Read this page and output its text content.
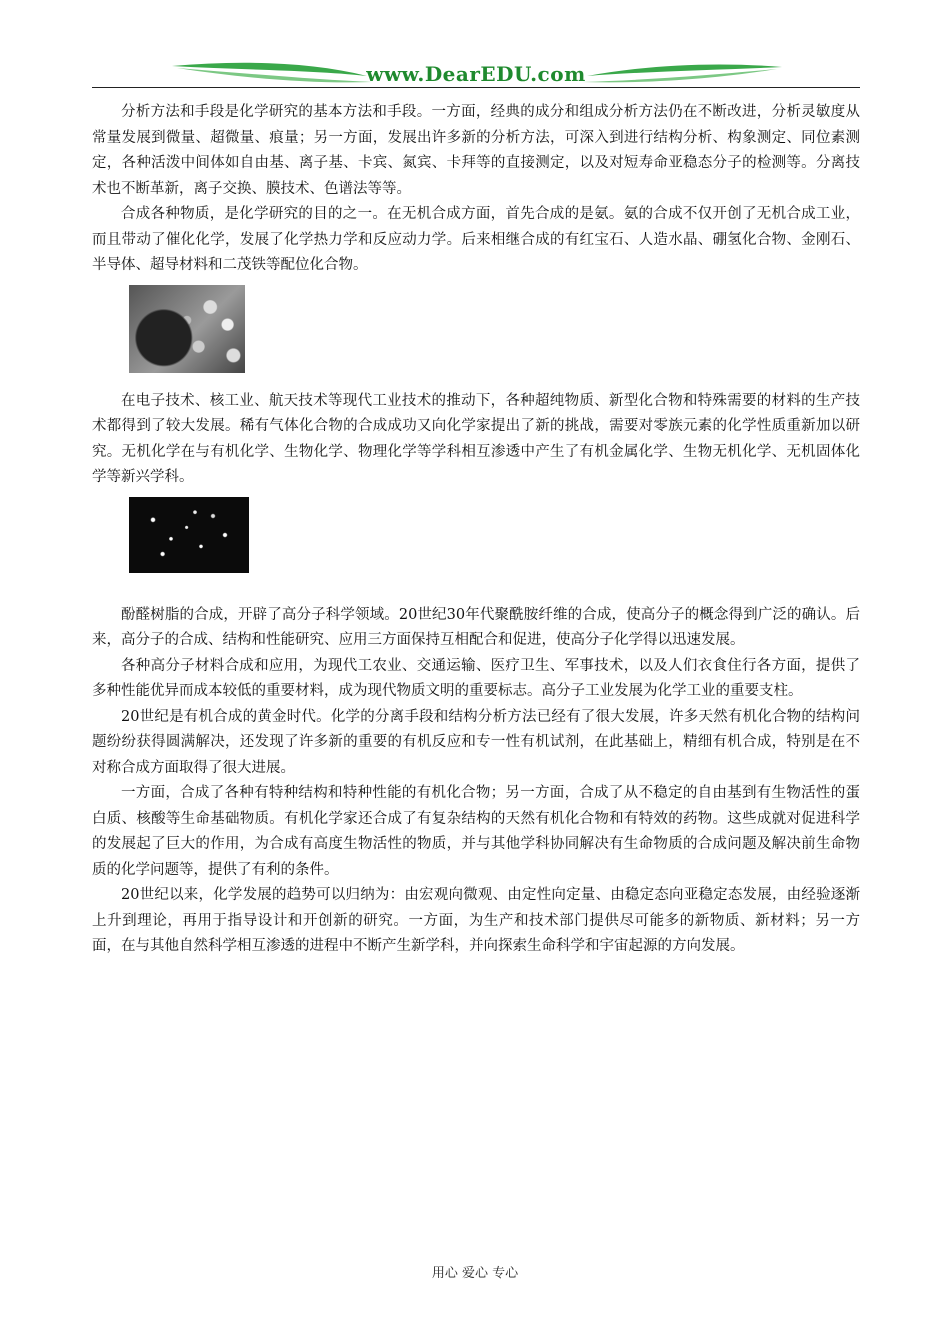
www.DearEDU.com

分析方法和手段是化学研究的基本方法和手段。一方面，经典的成分和组成分析方法仍在不断改进，分析灵敏度从常量发展到微量、超微量、痕量；另一方面，发展出许多新的分析方法，可深入到进行结构分析、构象测定、同位素测定，各种活泼中间体如自由基、离子基、卡宾、氮宾、卡拜等的直接测定，以及对短寿命亚稳态分子的检测等。分离技术也不断革新，离子交换、膜技术、色谱法等等。

合成各种物质，是化学研究的目的之一。在无机合成方面，首先合成的是氨。氨的合成不仅开创了无机合成工业，而且带动了催化化学，发展了化学热力学和反应动力学。后来相继合成的有红宝石、人造水晶、硼氢化合物、金刚石、半导体、超导材料和二茂铁等配位化合物。

在电子技术、核工业、航天技术等现代工业技术的推动下，各种超纯物质、新型化合物和特殊需要的材料的生产技术都得到了较大发展。稀有气体化合物的合成成功又向化学家提出了新的挑战，需要对零族元素的化学性质重新加以研究。无机化学在与有机化学、生物化学、物理化学等学科相互渗透中产生了有机金属化学、生物无机化学、无机固体化学等新兴学科。

酚醛树脂的合成，开辟了高分子科学领域。20世纪30年代聚酰胺纤维的合成，使高分子的概念得到广泛的确认。后来，高分子的合成、结构和性能研究、应用三方面保持互相配合和促进，使高分子化学得以迅速发展。

各种高分子材料合成和应用，为现代工农业、交通运输、医疗卫生、军事技术，以及人们衣食住行各方面，提供了多种性能优异而成本较低的重要材料，成为现代物质文明的重要标志。高分子工业发展为化学工业的重要支柱。

20世纪是有机合成的黄金时代。化学的分离手段和结构分析方法已经有了很大发展，许多天然有机化合物的结构问题纷纷获得圆满解决，还发现了许多新的重要的有机反应和专一性有机试剂，在此基础上，精细有机合成，特别是在不对称合成方面取得了很大进展。

一方面，合成了各种有特种结构和特种性能的有机化合物；另一方面，合成了从不稳定的自由基到有生物活性的蛋白质、核酸等生命基础物质。有机化学家还合成了有复杂结构的天然有机化合物和有特效的药物。这些成就对促进科学的发展起了巨大的作用，为合成有高度生物活性的物质，并与其他学科协同解决有生命物质的合成问题及解决前生命物质的化学问题等，提供了有利的条件。

20世纪以来，化学发展的趋势可以归纳为：由宏观向微观、由定性向定量、由稳定态向亚稳定态发展，由经验逐渐上升到理论，再用于指导设计和开创新的研究。一方面，为生产和技术部门提供尽可能多的新物质、新材料；另一方面，在与其他自然科学相互渗透的进程中不断产生新学科，并向探索生命科学和宇宙起源的方向发展。

用心 爱心 专心
